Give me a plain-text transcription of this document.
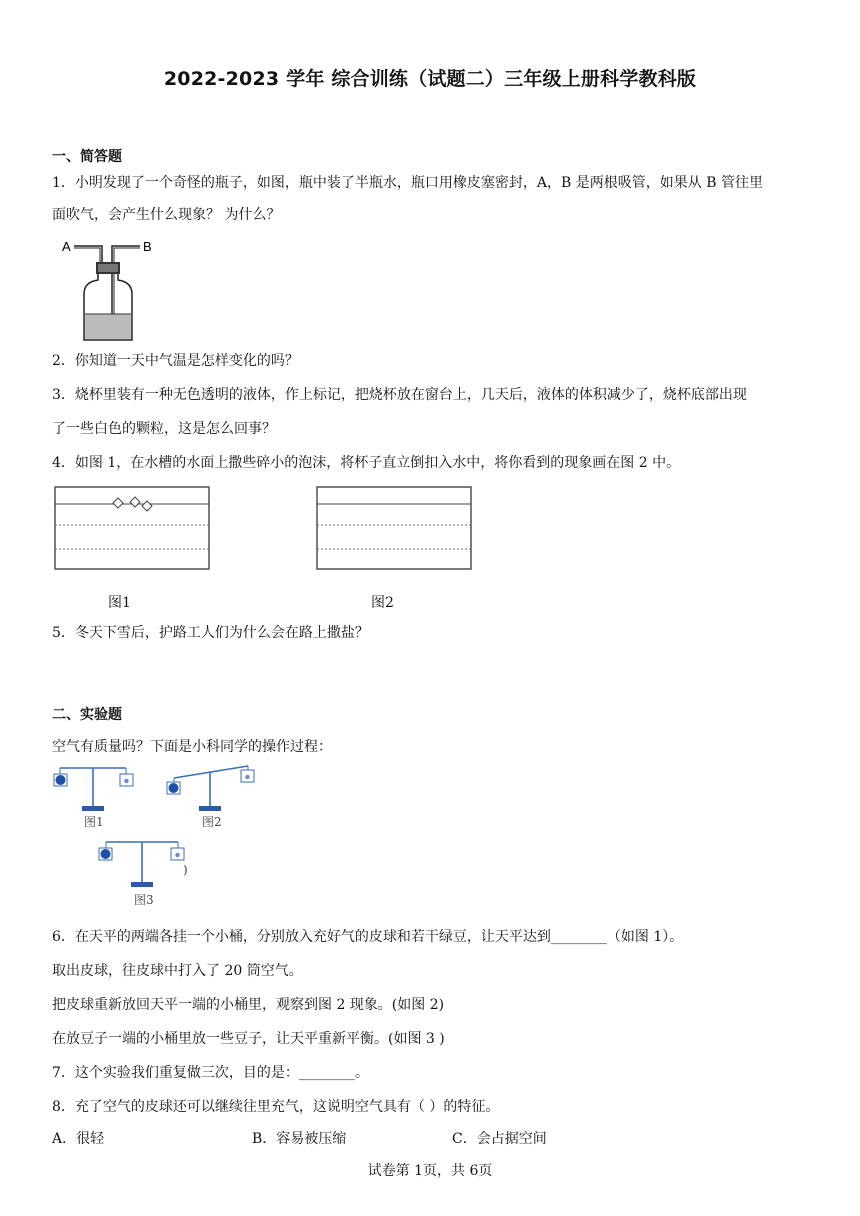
2022-2023 学年 综合训练（试题二）三年级上册科学教科版
一、简答题
1．小明发现了一个奇怪的瓶子，如图，瓶中装了半瓶水，瓶口用橡皮塞密封，A，B 是两根吸管，如果从 B 管往里
面吹气，会产生什么现象？ 为什么？
A	B
2．你知道一天中气温是怎样变化的吗？
3．烧杯里装有一种无色透明的液体，作上标记，把烧杯放在窗台上，几天后，液体的体积减少了，烧杯底部出现
了一些白色的颗粒，这是怎么回事？
4．如图 1，在水槽的水面上撒些碎小的泡沫，将杯子直立倒扣入水中，将你看到的现象画在图 2 中。
图1	图2
5．冬天下雪后，护路工人们为什么会在路上撒盐？
二、实验题
空气有质量吗？下面是小科同学的操作过程：
图1	图2
)
图3
6．在天平的两端各挂一个小桶，分别放入充好气的皮球和若干绿豆，让天平达到________（如图 1）。
取出皮球，往皮球中打入了 20 筒空气。
把皮球重新放回天平一端的小桶里，观察到图 2 现象。(如图 2)
在放豆子一端的小桶里放一些豆子，让天平重新平衡。(如图 3 )
7．这个实验我们重复做三次，目的是：________。
8．充了空气的皮球还可以继续往里充气，这说明空气具有（ ）的特征。
A．很轻	B．容易被压缩	C．会占据空间
试卷第 1页，共 6页
